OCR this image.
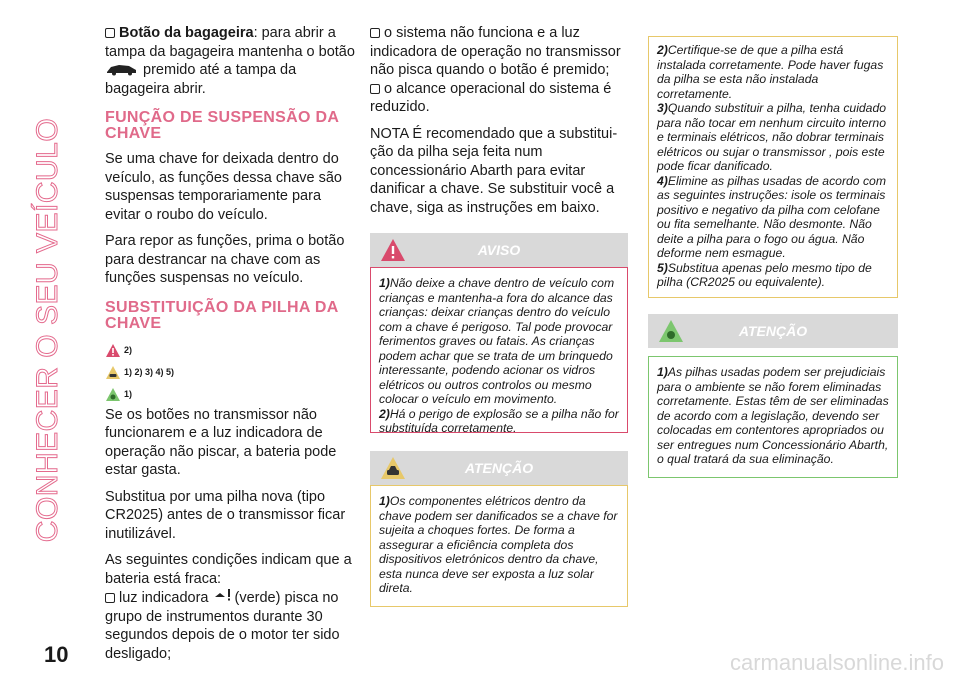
CONHECER O SEU VEÍCULO

Botão da bagageira: para abrir a tampa da bagageira mantenha o botão  premido até a tampa da bagageira abrir.

FUNÇÃO DE SUSPENSÃO DA CHAVE

Se uma chave for deixada dentro do veículo, as funções dessa chave são suspensas temporariamente para evitar o roubo do veículo.

Para repor as funções, prima o botão para destrancar na chave com as funções suspensas no veículo.

SUBSTITUIÇÃO DA PILHA DA CHAVE
2)
1) 2) 3) 4) 5)
1)

Se os botões no transmissor não funcionarem e a luz indicadora de operação não piscar, a bateria pode estar gasta.

Substitua por uma pilha nova (tipo CR2025) antes de o transmissor ficar inutilizável.

As seguintes condições indicam que a bateria está fraca:

luz indicadora (verde) pisca no grupo de instrumentos durante 30 segundos depois de o motor ter sido desligado;

o sistema não funciona e a luz indicadora de operação no transmissor não pisca quando o botão é premido;

o alcance operacional do sistema é reduzido.

NOTA É recomendado que a substitui-ção da pilha seja feita num concessionário Abarth para evitar danificar a chave. Se substituir você a chave, siga as instruções em baixo.

AVISO

1)Não deixe a chave dentro de veículo com crianças e mantenha-a fora do alcance das crianças: deixar crianças dentro do veículo com a chave é perigoso. Tal pode provocar ferimentos graves ou fatais. As crianças podem achar que se trata de um brinquedo interessante, podendo acionar os vidros elétricos ou outros controlos ou mesmo colocar o veículo em movimento.

2)Há o perigo de explosão se a pilha não for substituída corretamente.

ATENÇÃO

1)Os componentes elétricos dentro da chave podem ser danificados se a chave for sujeita a choques fortes. De forma a assegurar a eficiência completa dos dispositivos eletrónicos dentro da chave, esta nunca deve ser exposta a luz solar direta.

2)Certifique-se de que a pilha está instalada corretamente. Pode haver fugas da pilha se esta não instalada corretamente.

3)Quando substituir a pilha, tenha cuidado para não tocar em nenhum circuito interno e terminais elétricos, não dobrar terminais elétricos ou sujar o transmissor , pois este pode ficar danificado.

4)Elimine as pilhas usadas de acordo com as seguintes instruções: isole os terminais positivo e negativo da pilha com celofane ou fita semelhante. Não desmonte. Não deite a pilha para o fogo ou água. Não deforme nem esmague.

5)Substitua apenas pelo mesmo tipo de pilha (CR2025 ou equivalente).

ATENÇÃO

1)As pilhas usadas podem ser prejudiciais para o ambiente se não forem eliminadas corretamente. Estas têm de ser eliminadas de acordo com a legislação, devendo ser colocadas em contentores apropriados ou ser entregues num Concessionário Abarth, o qual tratará da sua eliminação.

10	carmanualsonline.info
